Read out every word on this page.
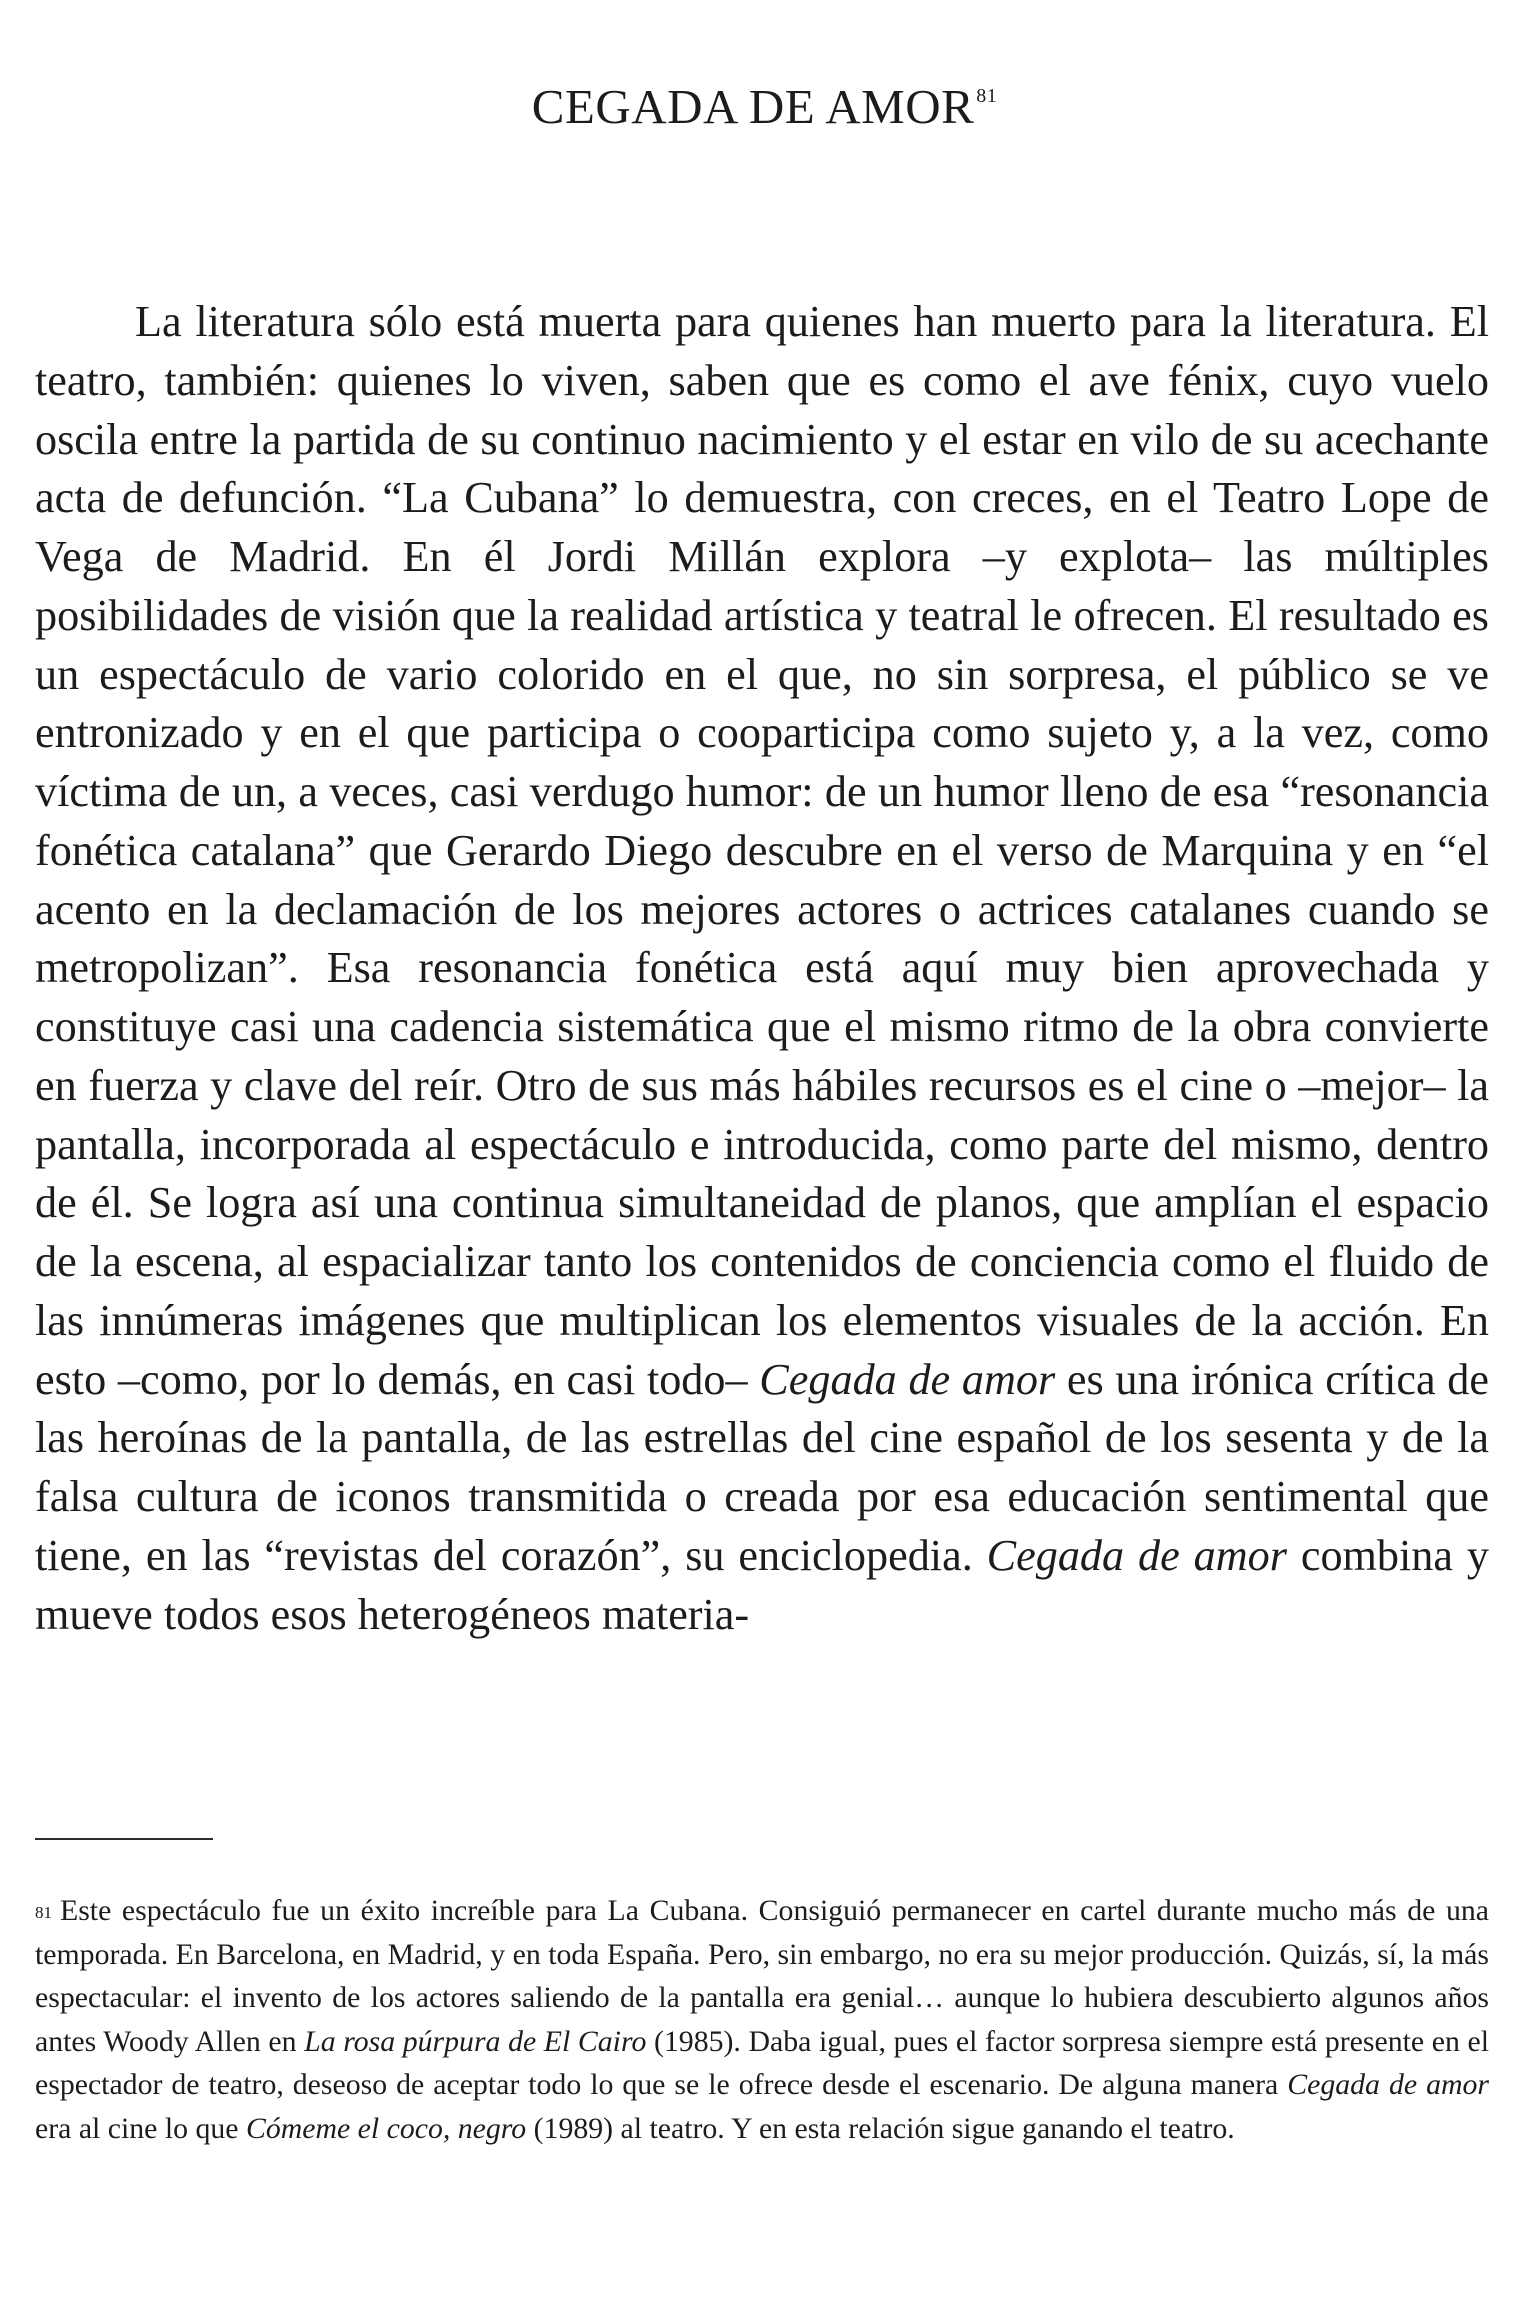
CEGADA DE AMOR $^{81}$

La literatura sólo está muerta para quienes han muerto para la literatura. El teatro, también: quienes lo viven, saben que es como el ave fénix, cuyo vuelo oscila entre la partida de su continuo nacimiento y el estar en vilo de su acechante acta de defunción. “La Cubana” lo demuestra, con creces, en el Teatro Lope de Vega de Madrid. En él Jordi Millán explora –y explota– las múltiples posibilidades de visión que la realidad artística y teatral le ofrecen. El resultado es un espectáculo de vario colorido en el que, no sin sorpresa, el público se ve entronizado y en el que participa o cooparticipa como sujeto y, a la vez, como víctima de un, a veces, casi verdugo humor: de un humor lleno de esa “resonancia fonética catalana” que Gerardo Diego descubre en el verso de Marquina y en “el acento en la declamación de los mejores actores o actrices catalanes cuando se metropolizan”. Esa resonancia fonética está aquí muy bien aprovechada y constituye casi una cadencia sistemática que el mismo ritmo de la obra convierte en fuerza y clave del reír. Otro de sus más hábiles recursos es el cine o –mejor– la pantalla, incorporada al espectáculo e introducida, como parte del mismo, dentro de él. Se logra así una continua simultaneidad de planos, que amplían el espacio de la escena, al espacializar tanto los contenidos de conciencia como el fluido de las innúmeras imágenes que multiplican los elementos visuales de la acción. En esto –como, por lo demás, en casi todo– Cegada de amor es una irónica crítica de las heroínas de la pantalla, de las estrellas del cine español de los sesenta y de la falsa cultura de iconos transmitida o creada por esa educación sentimental que tiene, en las “revistas del corazón”, su enciclopedia. Cegada de amor combina y mueve todos esos heterogéneos materia-

$^{81}$ Este espectáculo fue un éxito increíble para La Cubana. Consiguió permanecer en cartel durante mucho más de una temporada. En Barcelona, en Madrid, y en toda España. Pero, sin embargo, no era su mejor producción. Quizás, sí, la más espectacular: el invento de los actores saliendo de la pantalla era genial… aunque lo hubiera descubierto algunos años antes Woody Allen en La rosa púrpura de El Cairo (1985). Daba igual, pues el factor sorpresa siempre está presente en el espectador de teatro, deseoso de aceptar todo lo que se le ofrece desde el escenario. De alguna manera Cegada de amor era al cine lo que Cómeme el coco, negro (1989) al teatro. Y en esta relación sigue ganando el teatro.
